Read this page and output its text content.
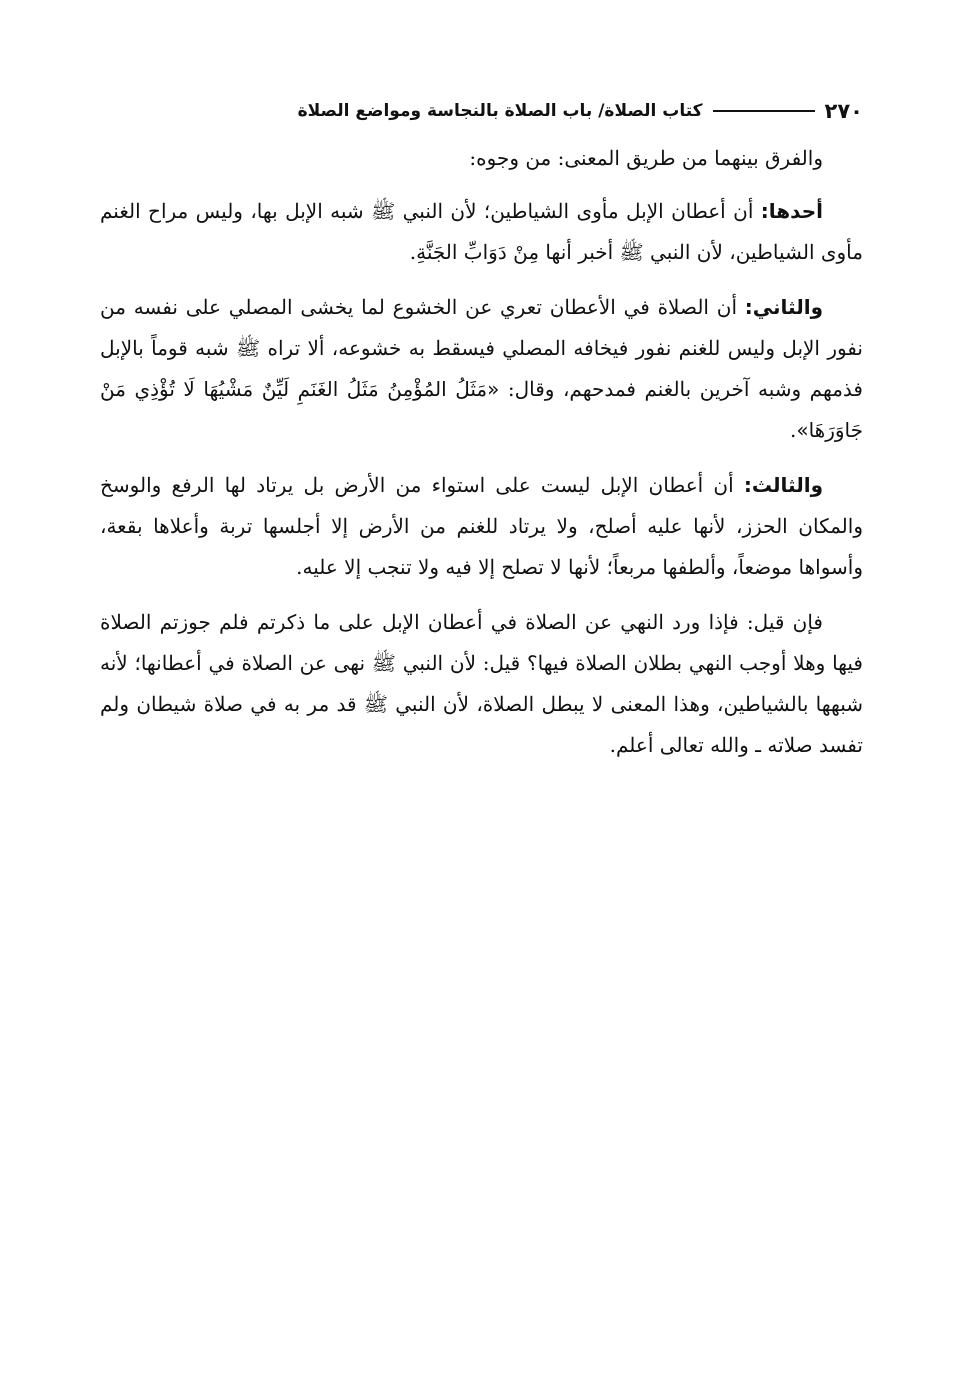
٢٧٠
كتاب الصلاة/ باب الصلاة بالنجاسة ومواضع الصلاة

والفرق بينهما من طريق المعنى: من وجوه:

أحدها: أن أعطان الإبل مأوى الشياطين؛ لأن النبي ﷺ شبه الإبل بها، وليس مراح الغنم مأوى الشياطين، لأن النبي ﷺ أخبر أنها مِنْ دَوَابِّ الجَنَّةِ.

والثاني: أن الصلاة في الأعطان تعري عن الخشوع لما يخشى المصلي على نفسه من نفور الإبل وليس للغنم نفور فيخافه المصلي فيسقط به خشوعه، ألا تراه ﷺ شبه قوماً بالإبل فذمهم وشبه آخرين بالغنم فمدحهم، وقال: «مَثَلُ المُؤْمِنُ مَثَلُ الغَنَمِ لَيِّنٌ مَشْيُهَا لَا تُؤْذِي مَنْ جَاوَرَهَا».

والثالث: أن أعطان الإبل ليست على استواء من الأرض بل يرتاد لها الرفع والوسخ والمكان الحزز، لأنها عليه أصلح، ولا يرتاد للغنم من الأرض إلا أجلسها تربة وأعلاها بقعة، وأسواها موضعاً، وألطفها مربعاً؛ لأنها لا تصلح إلا فيه ولا تنجب إلا عليه.

فإن قيل: فإذا ورد النهي عن الصلاة في أعطان الإبل على ما ذكرتم فلم جوزتم الصلاة فيها وهلا أوجب النهي بطلان الصلاة فيها؟ قيل: لأن النبي ﷺ نهى عن الصلاة في أعطانها؛ لأنه شبهها بالشياطين، وهذا المعنى لا يبطل الصلاة، لأن النبي ﷺ قد مر به في صلاة شيطان ولم تفسد صلاته ـ والله تعالى أعلم.
